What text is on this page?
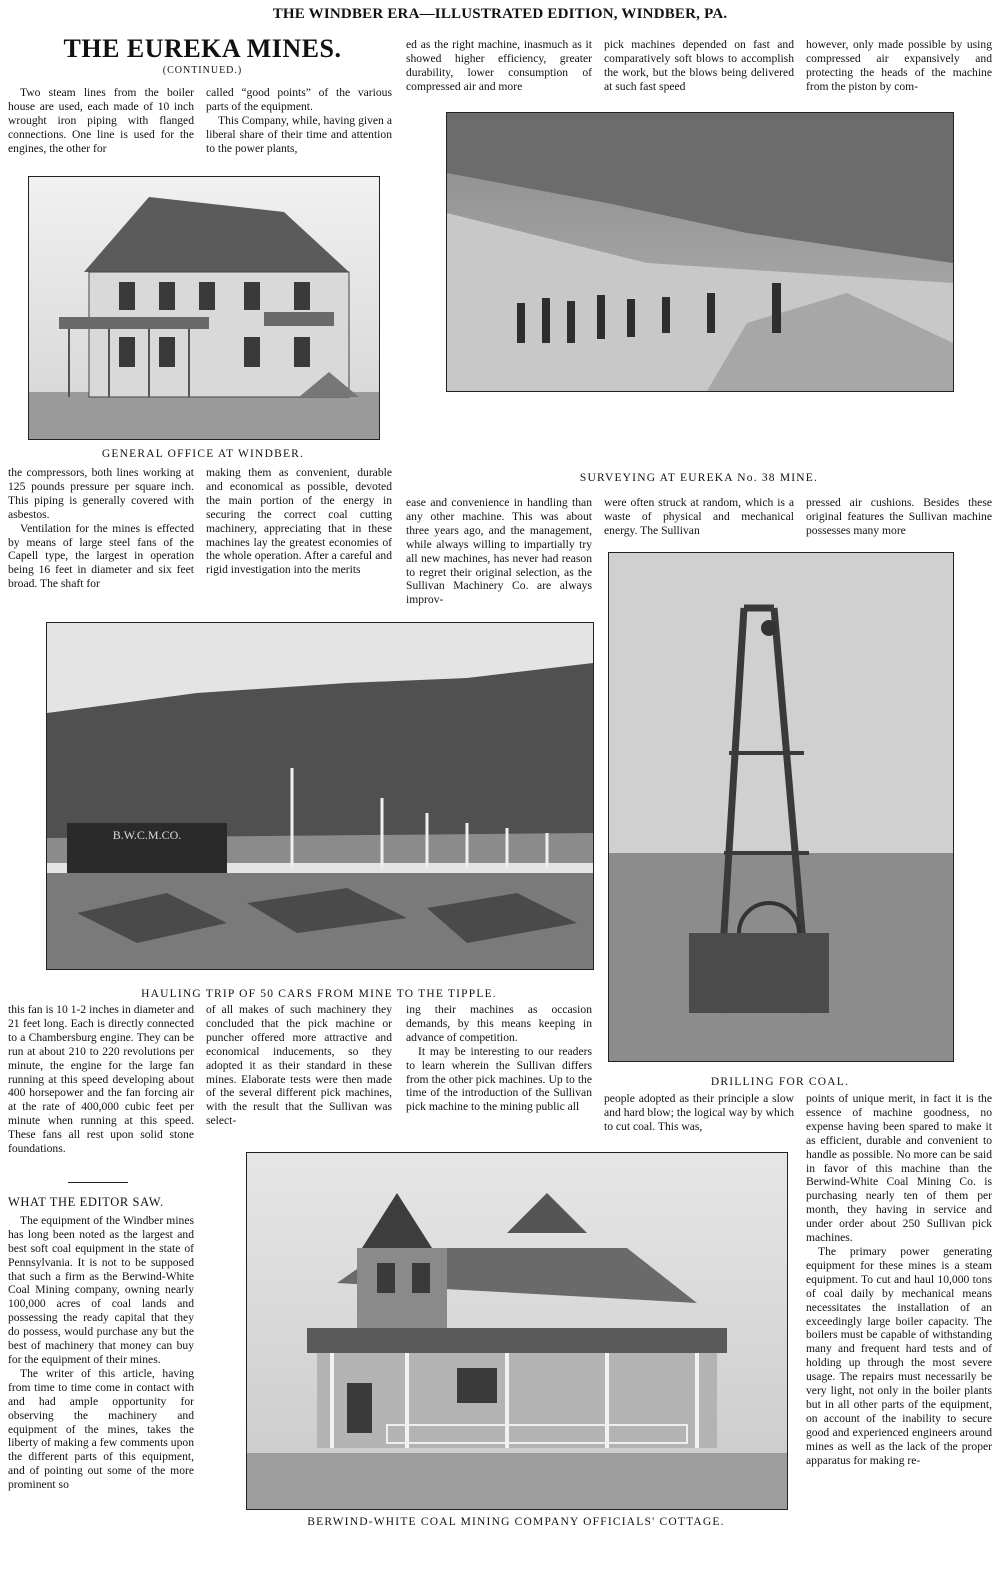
THE WINDBER ERA—ILLUSTRATED EDITION, WINDBER, PA.
THE EUREKA MINES.
(CONTINUED.)

Two steam lines from the boiler house are used, each made of 10 inch wrought iron piping with flanged connections. One line is used for the engines, the other for

called “good points” of the various parts of the equipment.

This Company, while, having given a liberal share of their time and attention to the power plants,

ed as the right machine, inasmuch as it showed higher efficiency, greater durability, lower consumption of compressed air and more

pick machines depended on fast and comparatively soft blows to accomplish the work, but the blows being delivered at such fast speed

however, only made possible by using compressed air expansively and protecting the heads of the machine from the piston by com-

GENERAL OFFICE AT WINDBER.
SURVEYING AT EUREKA No. 38 MINE.

the compressors, both lines working at 125 pounds pressure per square inch. This piping is generally covered with asbestos.

Ventilation for the mines is effected by means of large steel fans of the Capell type, the largest in operation being 16 feet in diameter and six feet broad. The shaft for

making them as convenient, durable and economical as possible, devoted the main portion of the energy in securing the correct coal cutting machinery, appreciating that in these machines lay the greatest economies of the whole operation. After a careful and rigid investigation into the merits

ease and convenience in handling than any other machine. This was about three years ago, and the management, while always willing to impartially try all new machines, has never had reason to regret their original selection, as the Sullivan Machinery Co. are always improv-

were often struck at random, which is a waste of physical and mechanical energy. The Sullivan

pressed air cushions. Besides these original features the Sullivan machine possesses many more

B.W.C.M.CO.
HAULING TRIP OF 50 CARS FROM MINE TO THE TIPPLE.
DRILLING FOR COAL.

this fan is 10 1-2 inches in diameter and 21 feet long. Each is directly connected to a Chambersburg engine. They can be run at about 210 to 220 revolutions per minute, the engine for the large fan running at this speed developing about 400 horsepower and the fan forcing air at the rate of 400,000 cubic feet per minute when running at this speed. These fans all rest upon solid stone foundations.

WHAT THE EDITOR SAW.

The equipment of the Windber mines has long been noted as the largest and best soft coal equipment in the state of Pennsylvania. It is not to be supposed that such a firm as the Berwind-White Coal Mining company, owning nearly 100,000 acres of coal lands and possessing the ready capital that they do possess, would purchase any but the best of machinery that money can buy for the equipment of their mines.

The writer of this article, having from time to time come in contact with and had ample opportunity for observing the machinery and equipment of the mines, takes the liberty of making a few comments upon the different parts of this equipment, and of pointing out some of the more prominent so

of all makes of such machinery they concluded that the pick machine or puncher offered more attractive and economical inducements, so they adopted it as their standard in these mines. Elaborate tests were then made of the several different pick machines, with the result that the Sullivan was select-

ing their machines as occasion demands, by this means keeping in advance of competition.

It may be interesting to our readers to learn wherein the Sullivan differs from the other pick machines. Up to the time of the introduction of the Sullivan pick machine to the mining public all

people adopted as their principle a slow and hard blow; the logical way by which to cut coal. This was,

points of unique merit, in fact it is the essence of machine goodness, no expense having been spared to make it as efficient, durable and convenient to handle as possible. No more can be said in favor of this machine than the Berwind-White Coal Mining Co. is purchasing nearly ten of them per month, they having in service and under order about 250 Sullivan pick machines.

The primary power generating equipment for these mines is a steam equipment. To cut and haul 10,000 tons of coal daily by mechanical means necessitates the installation of an exceedingly large boiler capacity. The boilers must be capable of withstanding many and frequent hard tests and of holding up through the most severe usage. The repairs must necessarily be very light, not only in the boiler plants but in all other parts of the equipment, on account of the inability to secure good and experienced engineers around mines as well as the lack of the proper apparatus for making re-

BERWIND-WHITE COAL MINING COMPANY OFFICIALS' COTTAGE.
